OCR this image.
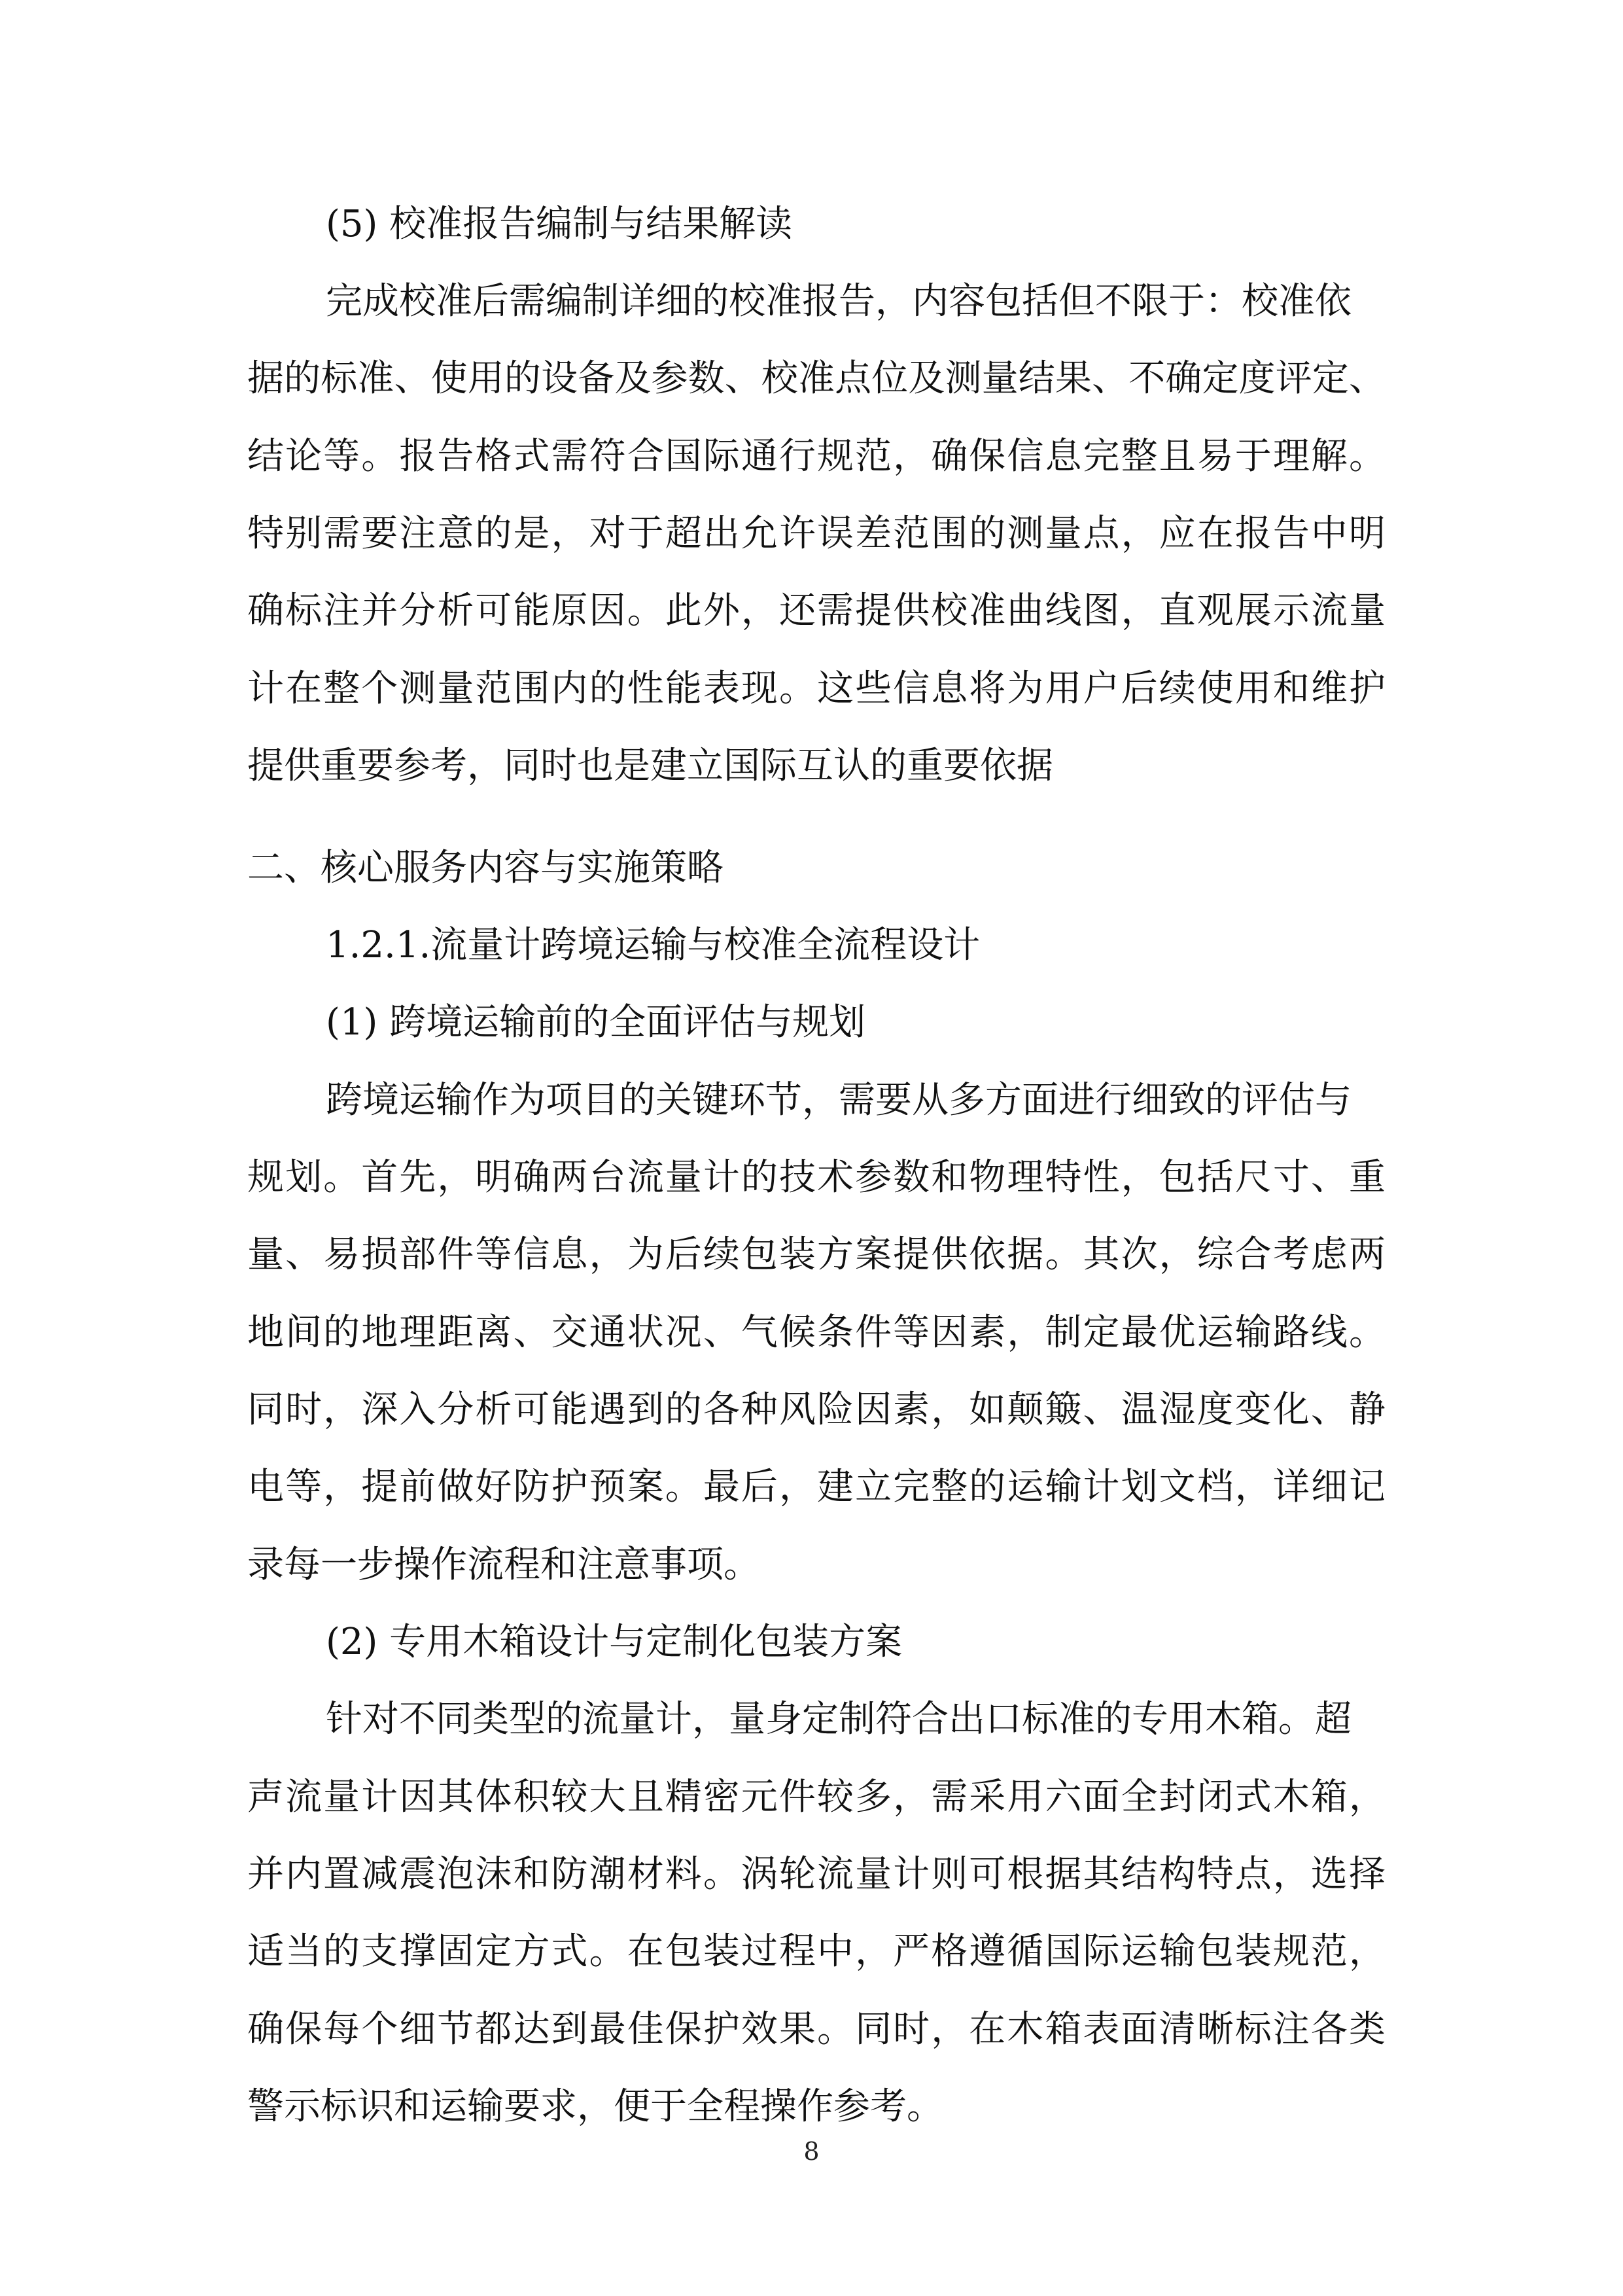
(5) 校准报告编制与结果解读
完成校准后需编制详细的校准报告，内容包括但不限于：校准依
据的标准、使用的设备及参数、校准点位及测量结果、不确定度评定、
结论等。报告格式需符合国际通行规范，确保信息完整且易于理解。
特别需要注意的是，对于超出允许误差范围的测量点，应在报告中明
确标注并分析可能原因。此外，还需提供校准曲线图，直观展示流量
计在整个测量范围内的性能表现。这些信息将为用户后续使用和维护
提供重要参考，同时也是建立国际互认的重要依据
二、核心服务内容与实施策略
1.2.1.流量计跨境运输与校准全流程设计
(1) 跨境运输前的全面评估与规划
跨境运输作为项目的关键环节，需要从多方面进行细致的评估与
规划。首先，明确两台流量计的技术参数和物理特性，包括尺寸、重
量、易损部件等信息，为后续包装方案提供依据。其次，综合考虑两
地间的地理距离、交通状况、气候条件等因素，制定最优运输路线。
同时，深入分析可能遇到的各种风险因素，如颠簸、温湿度变化、静
电等，提前做好防护预案。最后，建立完整的运输计划文档，详细记
录每一步操作流程和注意事项。
(2) 专用木箱设计与定制化包装方案
针对不同类型的流量计，量身定制符合出口标准的专用木箱。超
声流量计因其体积较大且精密元件较多，需采用六面全封闭式木箱，
并内置减震泡沫和防潮材料。涡轮流量计则可根据其结构特点，选择
适当的支撑固定方式。在包装过程中，严格遵循国际运输包装规范，
确保每个细节都达到最佳保护效果。同时，在木箱表面清晰标注各类
警示标识和运输要求，便于全程操作参考。
8
